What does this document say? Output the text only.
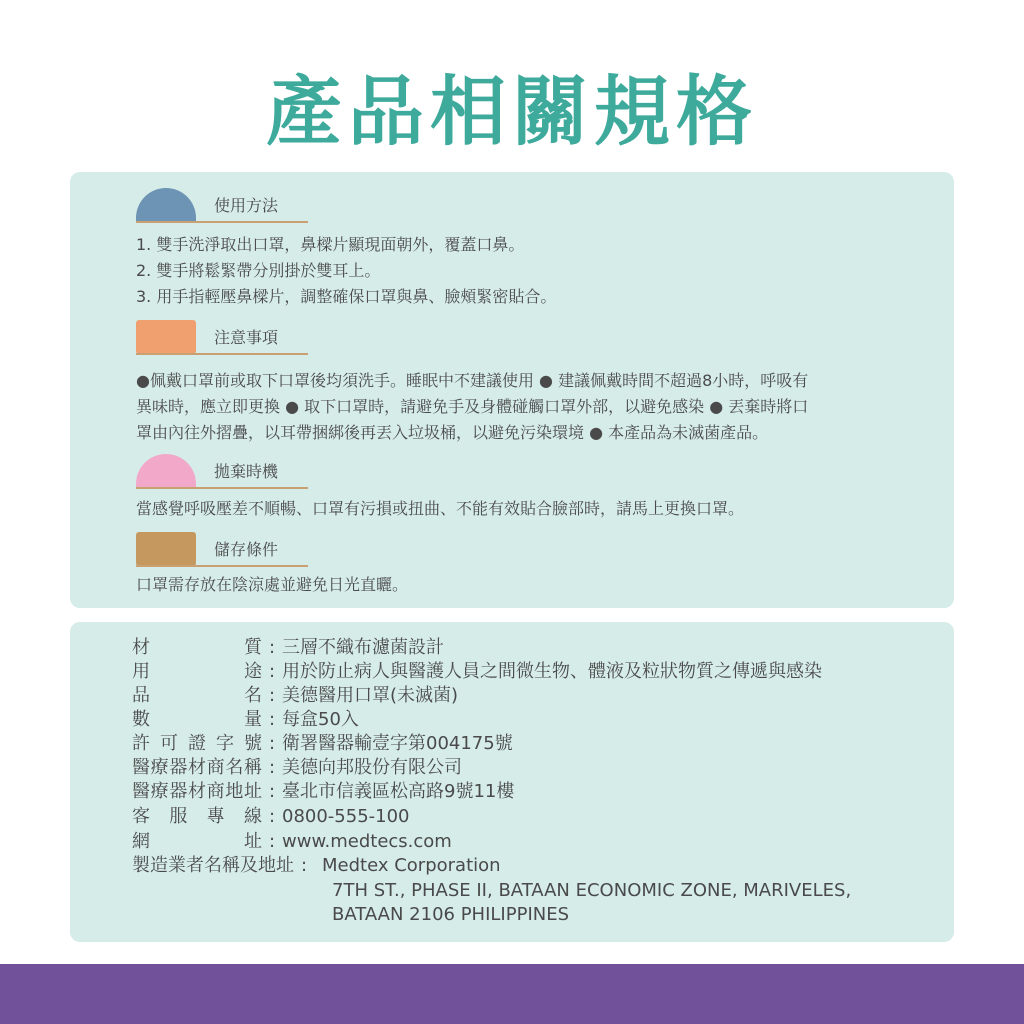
產品相關規格
使用方法
1. 雙手洗淨取出口罩，鼻樑片顯現面朝外，覆蓋口鼻。
2. 雙手將鬆緊帶分別掛於雙耳上。
3. 用手指輕壓鼻樑片，調整確保口罩與鼻、臉頰緊密貼合。
注意事項
●佩戴口罩前或取下口罩後均須洗手。睡眠中不建議使用 ● 建議佩戴時間不超過8小時，呼吸有
異味時，應立即更換 ● 取下口罩時，請避免手及身體碰觸口罩外部，以避免感染 ● 丟棄時將口
罩由內往外摺疊，以耳帶捆綁後再丟入垃圾桶，以避免污染環境 ● 本產品為未滅菌產品。
拋棄時機
當感覺呼吸壓差不順暢、口罩有污損或扭曲、不能有效貼合臉部時，請馬上更換口罩。
儲存條件
口罩需存放在陰涼處並避免日光直曬。
材質 : 三層不織布濾菌設計
用途 : 用於防止病人與醫護人員之間微生物、體液及粒狀物質之傳遞與感染
品名 : 美德醫用口罩(未滅菌)
數量 : 每盒50入
許可證字號 : 衛署醫器輸壹字第004175號
醫療器材商名稱 : 美德向邦股份有限公司
醫療器材商地址 : 臺北市信義區松高路9號11樓
客服專線 : 0800-555-100
網址 : www.medtecs.com
製造業者名稱及地址 : Medtex Corporation
7TH ST., PHASE II, BATAAN ECONOMIC ZONE, MARIVELES,
BATAAN 2106 PHILIPPINES
